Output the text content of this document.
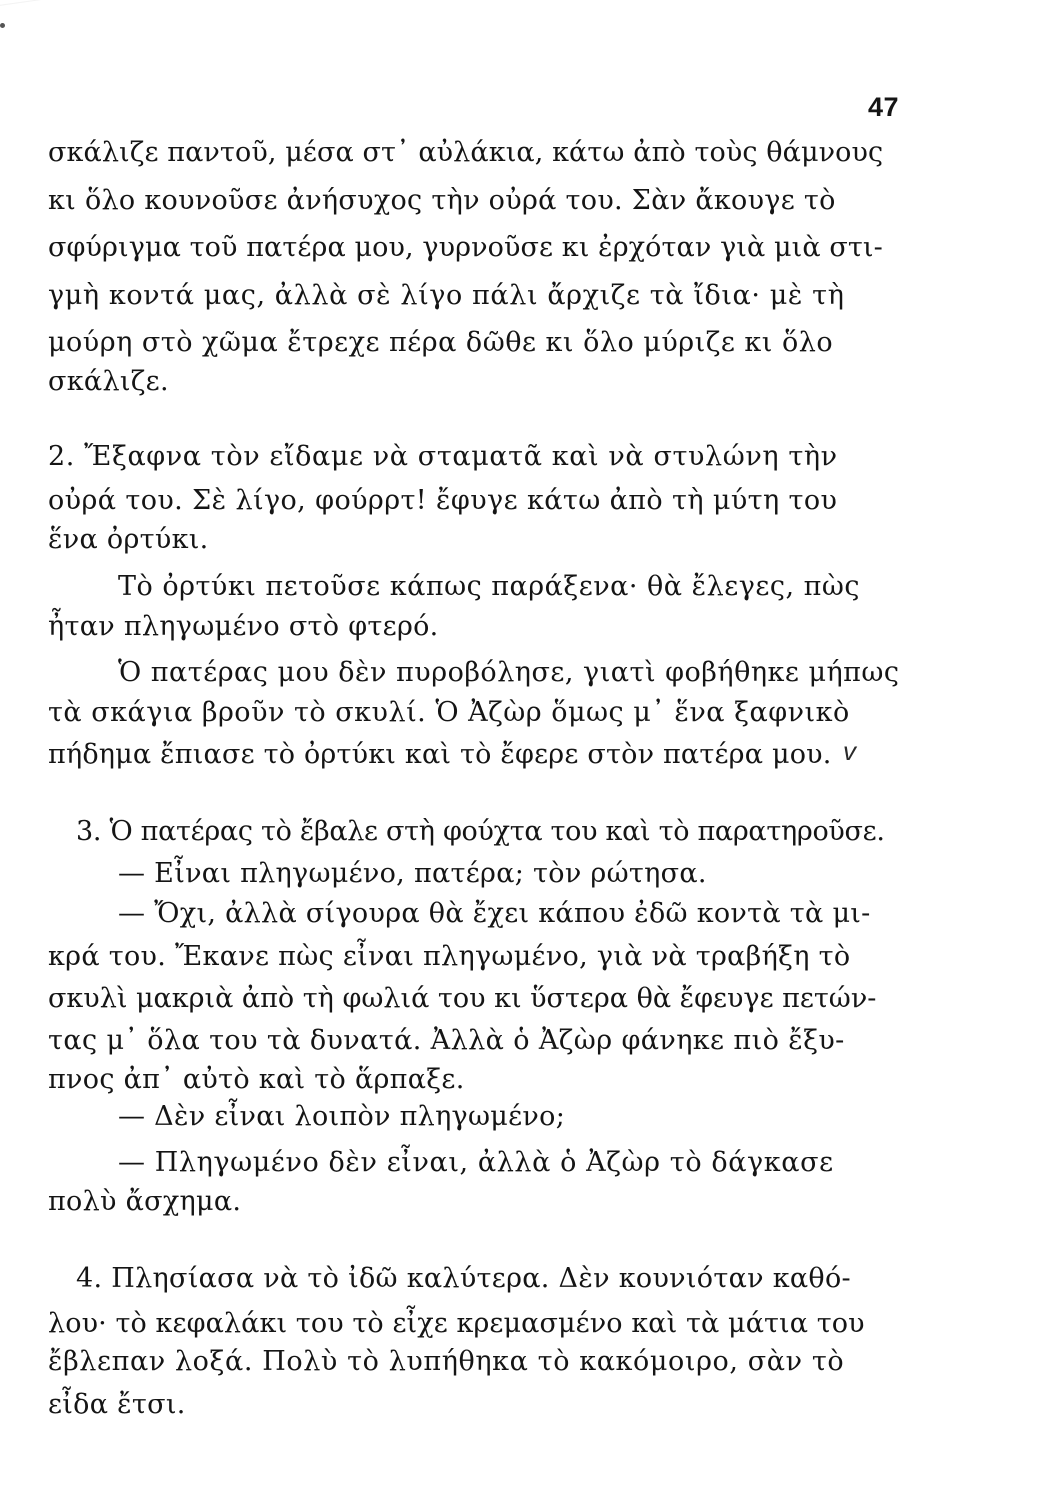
47
σκάλιζε παντοῦ, μέσα στ᾽ αὐλάκια, κάτω ἀπὸ τοὺς θάμνους
κι ὅλο κουνοῦσε ἀνήσυχος τὴν οὐρά του. Σὰν ἄκουγε τὸ
σφύριγμα τοῦ πατέρα μου, γυρνοῦσε κι ἐρχόταν γιὰ μιὰ στι-
γμὴ κοντά μας, ἀλλὰ σὲ λίγο πάλι ἄρχιζε τὰ ἴδια· μὲ τὴ
μούρη στὸ χῶμα ἔτρεχε πέρα δῶθε κι ὅλο μύριζε κι ὅλο
σκάλιζε.
2. Ἔξαφνα τὸν εἴδαμε νὰ σταματᾶ καὶ νὰ στυλώνη τὴν
οὐρά του. Σὲ λίγο, φούρρτ! ἔφυγε κάτω ἀπὸ τὴ μύτη του
ἕνα ὀρτύκι.
Τὸ ὀρτύκι πετοῦσε κάπως παράξενα· θὰ ἔλεγες, πὼς
ἦταν πληγωμένο στὸ φτερό.
Ὁ πατέρας μου δὲν πυροβόλησε, γιατὶ φοβήθηκε μήπως
τὰ σκάγια βροῦν τὸ σκυλί. Ὁ Ἀζὼρ ὅμως μ᾽ ἕνα ξαφνικὸ
πήδημα ἔπιασε τὸ ὀρτύκι καὶ τὸ ἔφερε στὸν πατέρα μου. v
3. Ὁ πατέρας τὸ ἔβαλε στὴ φούχτα του καὶ τὸ παρατηροῦσε.
— Εἶναι πληγωμένο, πατέρα; τὸν ρώτησα.
— Ὄχι, ἀλλὰ σίγουρα θὰ ἔχει κάπου ἐδῶ κοντὰ τὰ μι-
κρά του. Ἔκανε πὼς εἶναι πληγωμένο, γιὰ νὰ τραβήξη τὸ
σκυλὶ μακριὰ ἀπὸ τὴ φωλιά του κι ὕστερα θὰ ἔφευγε πετών-
τας μ᾽ ὅλα του τὰ δυνατά. Ἀλλὰ ὁ Ἀζὼρ φάνηκε πιὸ ἔξυ-
πνος ἀπ᾽ αὐτὸ καὶ τὸ ἅρπαξε.
— Δὲν εἶναι λοιπὸν πληγωμένο;
— Πληγωμένο δὲν εἶναι, ἀλλὰ ὁ Ἀζὼρ τὸ δάγκασε
πολὺ ἄσχημα.
4. Πλησίασα νὰ τὸ ἰδῶ καλύτερα. Δὲν κουνιόταν καθό-
λου· τὸ κεφαλάκι του τὸ εἶχε κρεμασμένο καὶ τὰ μάτια του
ἔβλεπαν λοξά. Πολὺ τὸ λυπήθηκα τὸ κακόμοιρο, σὰν τὸ
εἶδα ἔτσι.
